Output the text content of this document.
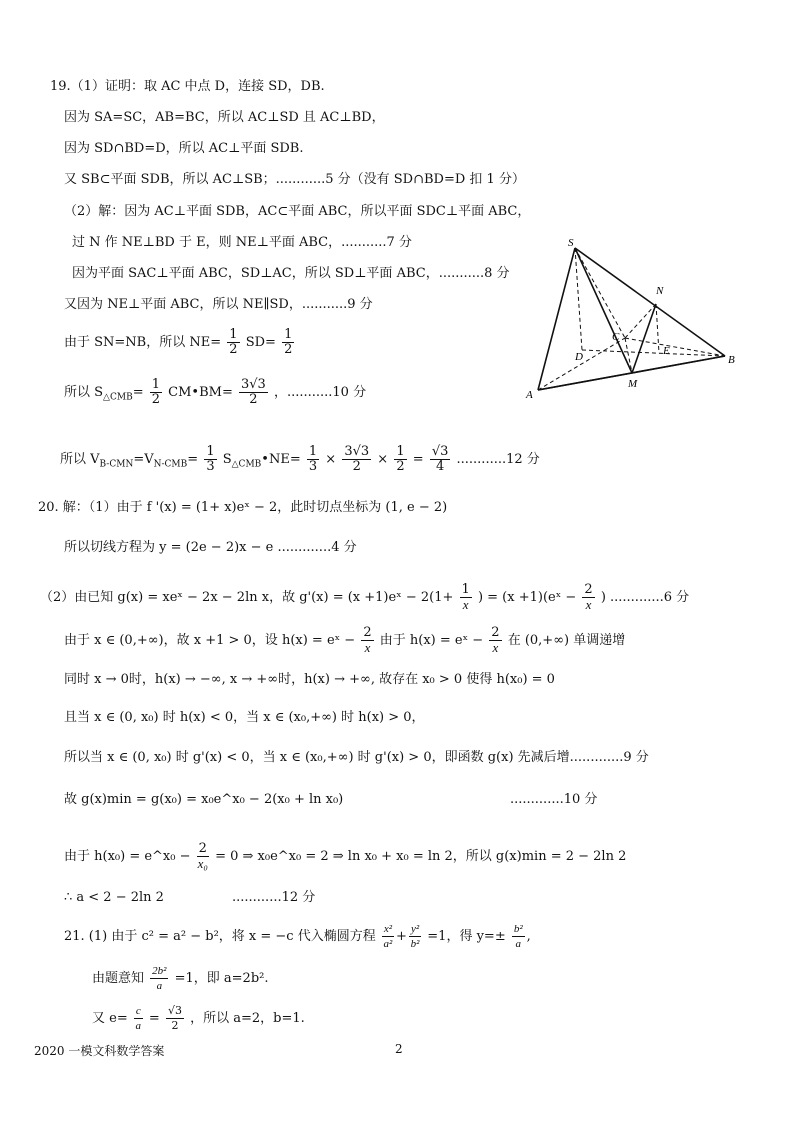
19.（1）证明：取 AC 中点 D，连接 SD，DB.
因为 SA=SC，AB=BC，所以 AC⊥SD 且 AC⊥BD，
因为 SD∩BD=D，所以 AC⊥平面 SDB.
又 SB⊂平面 SDB，所以 AC⊥SB；............5 分（没有 SD∩BD=D 扣 1 分）
（2）解：因为 AC⊥平面 SDB，AC⊂平面 ABC，所以平面 SDC⊥平面 ABC，
过 N 作 NE⊥BD 于 E，则 NE⊥平面 ABC，...........7 分
因为平面 SAC⊥平面 ABC，SD⊥AC，所以 SD⊥平面 ABC，...........8 分
又因为 NE⊥平面 ABC，所以 NE∥SD，...........9 分
由于 SN=NB，所以 $NE= \frac{1}{2} SD= \frac{1}{2}$
所以 $S_{\triangle CMB}= \frac{1}{2}$ CM•BM= $\frac{3√3}{2}$ ，...........10 分
所以 $V_{B-CMN}=V_{N-CMB}= \frac{1}{3}$ $S_{\triangle CMB}•NE= \frac{1}{3} \times \frac{3√3}{2} \times \frac{1}{2} = \frac{√3}{4} ............12$ 分
S
N
C
D	E
B
A
M
20. 解：（1）由于 f '(x) = (1+ x)eˣ − 2，此时切点坐标为 (1, e − 2)
所以切线方程为 y = (2e − 2)x − e .............4 分
（2）由已知 g(x) = xeˣ − 2x − 2ln x，故 g'(x) = (x +1)eˣ − $2(1+ \frac{1}{x}$ ) = (x +1)(eˣ − $\frac{2}{x}$ ) .............6 分
由于 x ∈ (0,+∞)，故 x +1 > 0，设 h(x) = eˣ − $\frac{2}{x}$ 由于 h(x) = eˣ − $\frac{2}{x}$ 在 (0,+∞) 单调递增
同时 x → 0时，h(x) → −∞, x → +∞时，h(x) → +∞, 故存在 x₀ > 0 使得 h(x₀) = 0
且当 x ∈ (0, x₀) 时 h(x) < 0，当 x ∈ (x₀,+∞) 时 h(x) > 0，
所以当 x ∈ (0, x₀) 时 g'(x) < 0，当 x ∈ (x₀,+∞) 时 g'(x) > 0，即函数 g(x) 先减后增.............9 分
故 g(x)min = g(x₀) = x₀e^x₀ − 2(x₀ + ln x₀)	.............10 分
由于 h(x₀) = e^x₀ − $\frac{2}{\text{x₀}} = 0$ ⇒ x₀e^x₀ = 2 ⇒ ln x₀ + x₀ = ln 2，所以 g(x)min = 2 − 2ln 2
∴ a < 2 − 2ln 2	............12 分
21. (1) 由于 c² = a² − b²，将 x = −c 代入椭圆方程 $\frac{\text{x²}}{\text{a²}} + \frac{\text{y²}}{\text{b²}} =1$，得 $y=\pm \frac{\text{b²}}{a}$ ,
由题意知 $\frac{\text{2b²}}{a} =1$，即 a=2b².
又 $e= \frac{c}{a} = \frac{√3}{2}$ ，所以 a=2，b=1.
2020 一模文科数学答案	2
